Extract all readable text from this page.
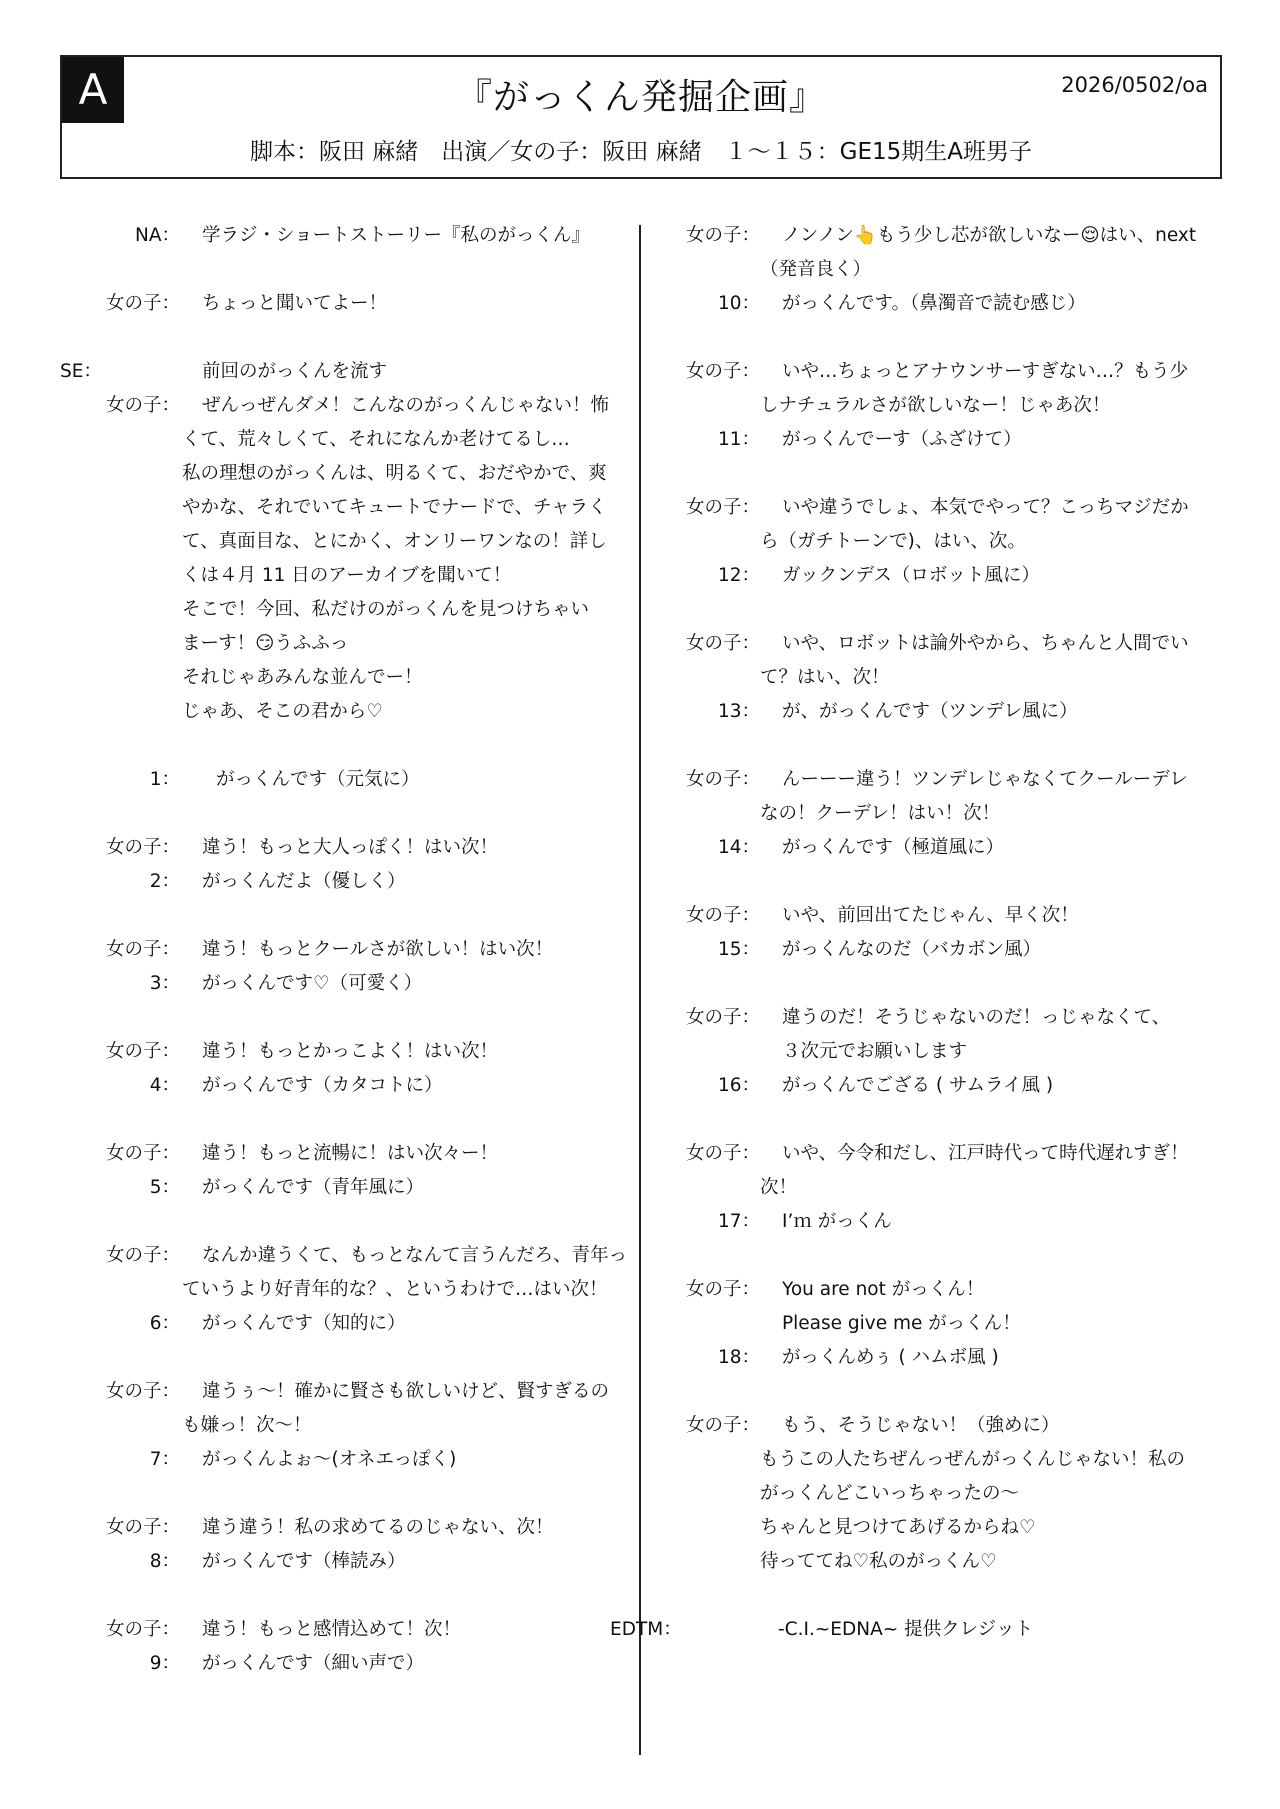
A	『がっくん発掘企画』	2026/0502/oa
脚本：阪田 麻緒　出演／女の子：阪田 麻緒　１～１５：GE15期生A班男子
NA： 学ラジ・ショートストーリー『私のがっくん』
女の子： ちょっと聞いてよー！
SE：	前回のがっくんを流す
女の子： ぜんっぜんダメ！こんなのがっくんじゃない！怖
くて、荒々しくて、それになんか老けてるし…
私の理想のがっくんは、明るくて、おだやかで、爽
やかな、それでいてキュートでナードで、チャラく
て、真面目な、とにかく、オンリーワンなの！詳し
くは４月 11 日のアーカイブを聞いて！
そこで！今回、私だけのがっくんを見つけちゃい
まーす！😏うふふっ
それじゃあみんな並んでー！
じゃあ、そこの君から♡
1： がっくんです（元気に）
女の子： 違う！もっと大人っぽく！はい次！
2： がっくんだよ（優しく）
女の子： 違う！もっとクールさが欲しい！はい次！
3： がっくんです♡（可愛く）
女の子： 違う！もっとかっこよく！はい次！
4： がっくんです（カタコトに）
女の子： 違う！もっと流暢に！はい次々ー！
5： がっくんです（青年風に）
女の子： なんか違うくて、もっとなんて言うんだろ、青年っ
ていうより好青年的な？、というわけで…はい次！
6： がっくんです（知的に）
女の子： 違うぅ～！確かに賢さも欲しいけど、賢すぎるの
も嫌っ！次～！
7： がっくんよぉ～(オネエっぽく)
女の子： 違う違う！私の求めてるのじゃない、次！
8： がっくんです（棒読み）
女の子： 違う！もっと感情込めて！次！
9： がっくんです（細い声で）
女の子： ノンノン👆もう少し芯が欲しいなー😌はい、next
（発音良く）
10： がっくんです。（鼻濁音で読む感じ）
女の子： いや…ちょっとアナウンサーすぎない…？もう少
しナチュラルさが欲しいなー！じゃあ次！
11： がっくんでーす（ふざけて）
女の子： いや違うでしょ、本気でやって？こっちマジだか
ら（ガチトーンで)、はい、次。
12： ガックンデス（ロボット風に）
女の子： いや、ロボットは論外やから、ちゃんと人間でい
て？はい、次！
13： が、がっくんです（ツンデレ風に）
女の子： んーーー違う！ツンデレじゃなくてクールーデレ
なの！クーデレ！はい！次！
14： がっくんです（極道風に）
女の子： いや、前回出てたじゃん、早く次！
15： がっくんなのだ（バカボン風）
女の子： 違うのだ！そうじゃないのだ！っじゃなくて、
３次元でお願いします
16： がっくんでござる ( サムライ風 )
女の子： いや、今令和だし、江戸時代って時代遅れすぎ！
次！
17： I’ｍ がっくん
女の子： You are not がっくん！
Please give me がっくん！
18： がっくんめぅ ( ハムボ風 )
女の子： もう、そうじゃない！（強めに）
もうこの人たちぜんっぜんがっくんじゃない！私の
がっくんどこいっちゃったの～
ちゃんと見つけてあげるからね♡
待っててね♡私のがっくん♡
EDTM：	-C.I.~EDNA~ 提供クレジット
